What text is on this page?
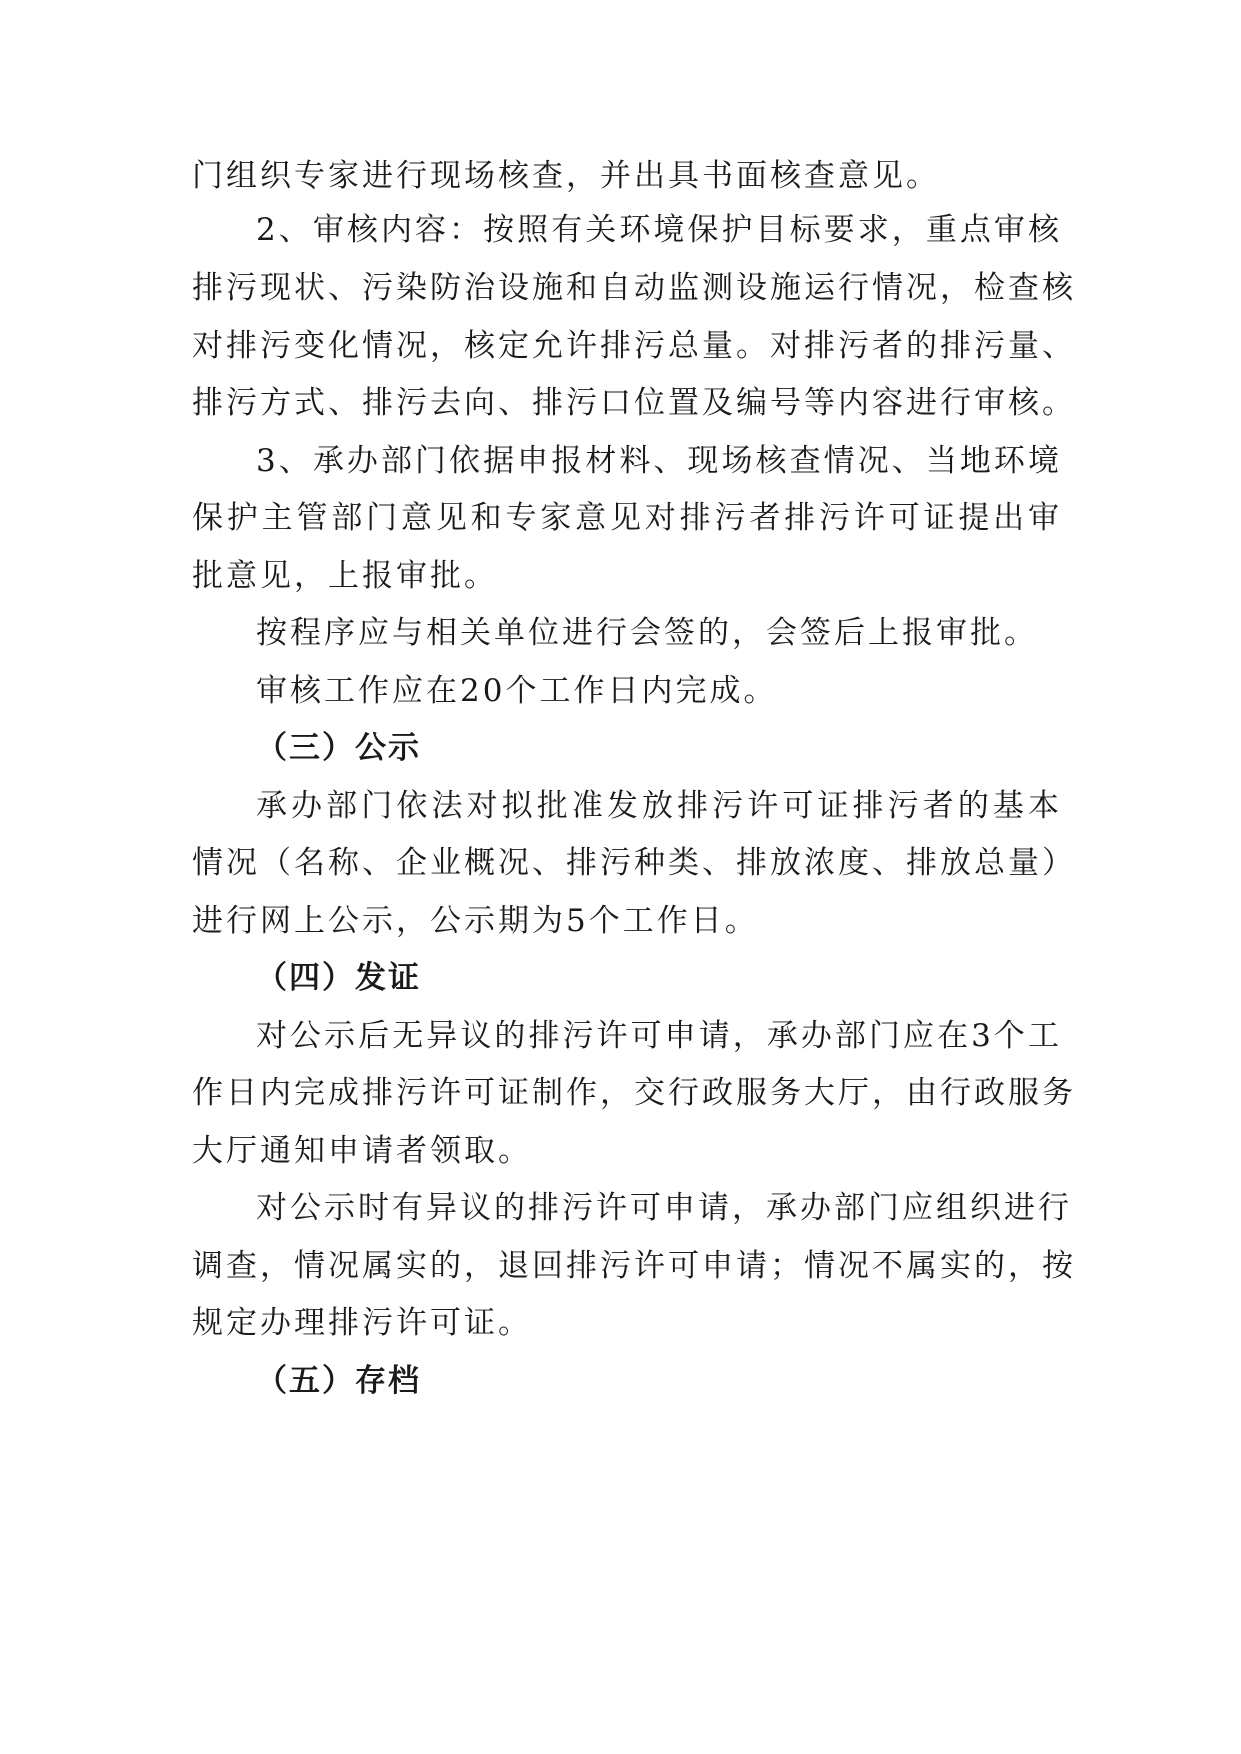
门组织专家进行现场核查，并出具书面核查意见。
2、审核内容：按照有关环境保护目标要求，重点审核
排污现状、污染防治设施和自动监测设施运行情况，检查核
对排污变化情况，核定允许排污总量。对排污者的排污量、
排污方式、排污去向、排污口位置及编号等内容进行审核。
3、承办部门依据申报材料、现场核查情况、当地环境
保护主管部门意见和专家意见对排污者排污许可证提出审
批意见，上报审批。
按程序应与相关单位进行会签的，会签后上报审批。
审核工作应在20个工作日内完成。
（三）公示
承办部门依法对拟批准发放排污许可证排污者的基本
情况（名称、企业概况、排污种类、排放浓度、排放总量）
进行网上公示，公示期为5个工作日。
（四）发证
对公示后无异议的排污许可申请，承办部门应在3个工
作日内完成排污许可证制作，交行政服务大厅，由行政服务
大厅通知申请者领取。
对公示时有异议的排污许可申请，承办部门应组织进行
调查，情况属实的，退回排污许可申请；情况不属实的，按
规定办理排污许可证。
（五）存档
